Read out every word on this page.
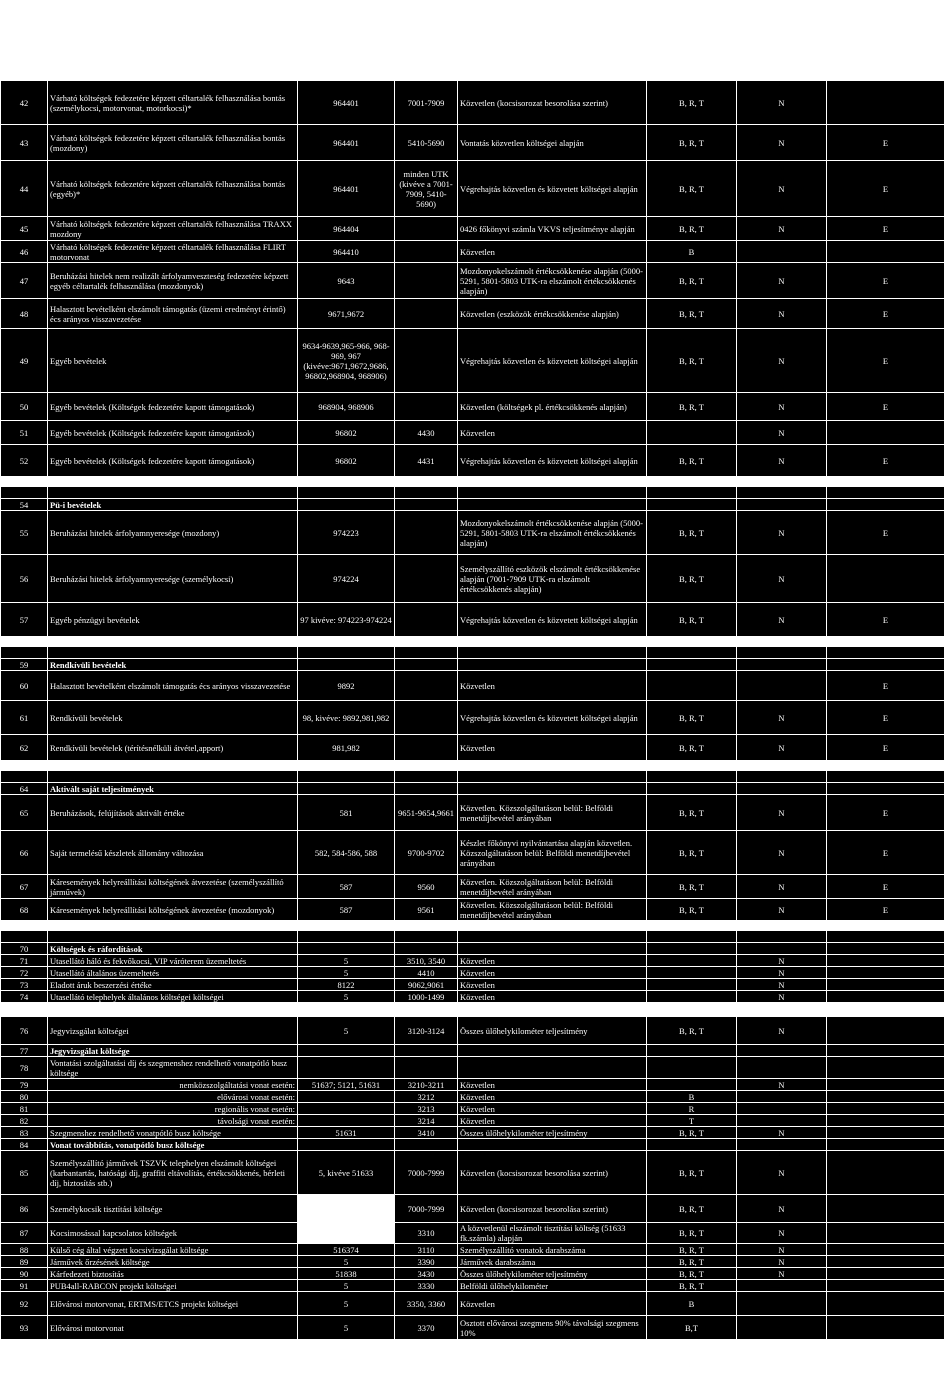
42	Várható költségek fedezetére képzett céltartalék felhasználása bontás (személykocsi, motorvonat, motorkocsi)*	964401	7001-7909	Közvetlen (kocsisorozat besorolása szerint)	B, R, T	N	
43	Várható költségek fedezetére képzett céltartalék felhasználása bontás (mozdony)	964401	5410-5690	Vontatás közvetlen költségei alapján	B, R, T	N	E
44	Várható költségek fedezetére képzett céltartalék felhasználása bontás (egyéb)*	964401	minden UTK (kivéve a 7001-7909, 5410-5690)	Végrehajtás közvetlen és közvetett költségei alapján	B, R, T	N	E
45	Várható költségek fedezetére képzett céltartalék felhasználása TRAXX mozdony	964404		0426 főkönyvi számla VKVS teljesítménye alapján	B, R, T	N	E
46	Várható költségek fedezetére képzett céltartalék felhasználása FLIRT motorvonat	964410		Közvetlen	B		
47	Beruházási hitelek nem realizált árfolyamveszteség fedezetére képzett egyéb céltartalék felhasználása (mozdonyok)	9643		Mozdonyokelszámolt értékcsökkenése alapján (5000-5291, 5801-5803 UTK-ra elszámolt értékcsökkenés alapján)	B, R, T	N	E
48	Halasztott bevételként elszámolt támogatás (üzemi eredményt érintő) écs arányos visszavezetése	9671,9672		Közvetlen (eszközök értékcsökkenése alapján)	B, R, T	N	E
49	Egyéb bevételek	9634-9639,965-966, 968-969, 967 (kivéve:9671,9672,9686, 96802,968904, 968906)		Végrehajtás közvetlen és közvetett költségei alapján	B, R, T	N	E
50	Egyéb bevételek (Költségek fedezetére kapott támogatások)	968904, 968906		Közvetlen (költségek pl. értékcsökkenés alapján)	B, R, T	N	E
51	Egyéb bevételek (Költségek fedezetére kapott támogatások)	96802	4430	Közvetlen		N	
52	Egyéb bevételek (Költségek fedezetére kapott támogatások)	96802	4431	Végrehajtás közvetlen és közvetett költségei alapján	B, R, T	N	E

54	Pü-i bevételek						
55	Beruházási hitelek árfolyamnyeresége (mozdony)	974223		Mozdonyokelszámolt értékcsökkenése alapján (5000-5291, 5801-5803 UTK-ra elszámolt értékcsökkenés alapján)	B, R, T	N	E
56	Beruházási hitelek árfolyamnyeresége (személykocsi)	974224		Személyszállító eszközök elszámolt értékcsökkenése alapján (7001-7909 UTK-ra elszámolt értékcsökkenés alapján)	B, R, T	N	
57	Egyéb pénzügyi bevételek	97 kivéve: 974223-974224		Végrehajtás közvetlen és közvetett költségei alapján	B, R, T	N	E

59	Rendkívüli bevételek						
60	Halasztott bevételként elszámolt támogatás écs arányos visszavezetése	9892		Közvetlen			E
61	Rendkívüli bevételek	98, kivéve: 9892,981,982		Végrehajtás közvetlen és közvetett költségei alapján	B, R, T	N	E
62	Rendkívüli bevételek (térítésnélküli átvétel,apport)	981,982		Közvetlen	B, R, T	N	E

64	Aktivált saját teljesítmények						
65	Beruházások, felújítások aktivált értéke	581	9651-9654,9661	Közvetlen. Közszolgáltatáson belül: Belföldi menetdíjbevétel arányában	B, R, T	N	E
66	Saját termelésű készletek állomány változása	582, 584-586, 588	9700-9702	Készlet főkönyvi nyilvántartása alapján közvetlen. Közszolgáltatáson belül: Belföldi menetdíjbevétel arányában	B, R, T	N	E
67	Káresemények helyreállítási költségének átvezetése (személyszállító járművek)	587	9560	Közvetlen. Közszolgáltatáson belül: Belföldi menetdíjbevétel arányában	B, R, T	N	E
68	Káresemények helyreállítási költségének átvezetése (mozdonyok)	587	9561	Közvetlen. Közszolgáltatáson belül: Belföldi menetdíjbevétel arányában	B, R, T	N	E

70	Költségek és ráfordítások						
71	Utasellátó háló és fekvőkocsi, VIP váróterem üzemeltetés	5	3510, 3540	Közvetlen		N	
72	Utasellátó általános üzemeltetés	5	4410	Közvetlen		N	
73	Eladott áruk beszerzési értéke	8122	9062,9061	Közvetlen		N	
74	Utasellátó telephelyek általános költségei költségei	5	1000-1499	Közvetlen		N	

76	Jegyvizsgálat költségei	5	3120-3124	Összes ülőhelykilométer teljesítmény	B, R, T	N	
77	Jegyvizsgálat költsége						
78	Vontatási szolgáltatási díj és szegmenshez rendelhető vonatpótló busz költsége						
79	nemközszolgáltatási vonat esetén:	51637; 5121, 51631	3210-3211	Közvetlen		N	
80	elővárosi vonat esetén:		3212	Közvetlen	B		
81	regionális vonat esetén:		3213	Közvetlen	R		
82	távolsági vonat esetén:		3214	Közvetlen	T		
83	Szegmenshez rendelhető vonatpótló busz költsége	51631	3410	Összes ülőhelykilométer teljesítmény	B, R, T	N	
84	Vonat továbbítás, vonatpótló busz költsége						
85	Személyszállító járművek TSZVK telephelyen elszámolt költségei (karbantartás, hatósági díj, graffiti eltávolítás, értékcsökkenés, bérleti díj, biztosítás stb.)	5, kivéve 51633	7000-7999	Közvetlen (kocsisorozat besorolása szerint)	B, R, T	N	
86	Személykocsik tisztítási költsége		7000-7999	Közvetlen (kocsisorozat besorolása szerint)	B, R, T	N	
87	Kocsimosással kapcsolatos költségek		3310	A közvetlenül elszámolt tisztítási költség (51633 fk.számla) alapján	B, R, T	N	
88	Külső cég által végzett kocsivizsgálat költsége	516374	3110	Személyszállító vonatok darabszáma	B, R, T	N	
89	Járművek őrzésének költsége	5	3390	Járművek darabszáma	B, R, T	N	
90	Kárfedezeti biztosítás	51838	3430	Összes ülőhelykilométer teljesítmény	B, R, T	N	
91	PUB4all-RABCON projekt költségei	5	3330	Belföldi ülőhelykilométer	B, R, T		
92	Elővárosi motorvonat, ERTMS/ETCS projekt költségei	5	3350, 3360	Közvetlen	B		
93	Elővárosi motorvonat	5	3370	Osztott elővárosi szegmens 90% távolsági szegmens 10%	B,T		
